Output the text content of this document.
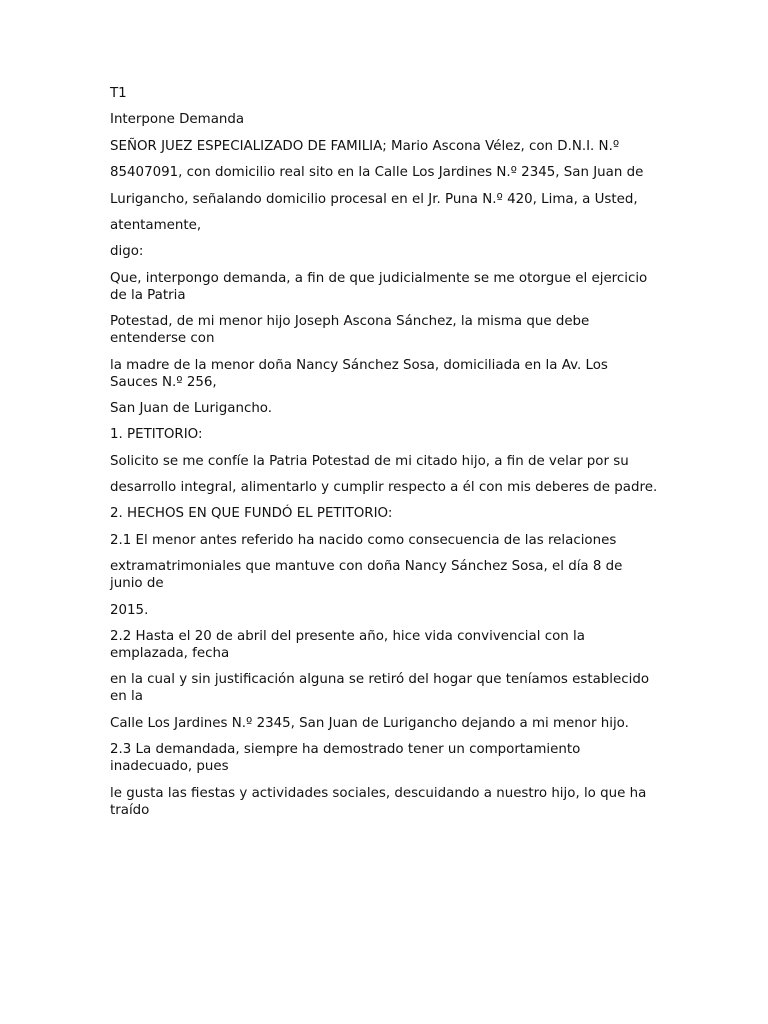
T1

Interpone Demanda

SEÑOR JUEZ ESPECIALIZADO DE FAMILIA; Mario Ascona Vélez, con D.N.I. N.º

85407091, con domicilio real sito en la Calle Los Jardines N.º 2345, San Juan de

Lurigancho, señalando domicilio procesal en el Jr. Puna N.º 420, Lima, a Usted,

atentamente,

digo:

Que, interpongo demanda, a fin de que judicialmente se me otorgue el ejercicio de la Patria

Potestad, de mi menor hijo Joseph Ascona Sánchez, la misma que debe entenderse con

la madre de la menor doña Nancy Sánchez Sosa, domiciliada en la Av. Los Sauces N.º 256,

San Juan de Lurigancho.

1. PETITORIO:

Solicito se me confíe la Patria Potestad de mi citado hijo, a fin de velar por su

desarrollo integral, alimentarlo y cumplir respecto a él con mis deberes de padre.

2. HECHOS EN QUE FUNDÓ EL PETITORIO:

2.1 El menor antes referido ha nacido como consecuencia de las relaciones

extramatrimoniales que mantuve con doña Nancy Sánchez Sosa, el día 8 de junio de

2015.

2.2 Hasta el 20 de abril del presente año, hice vida convivencial con la emplazada, fecha

en la cual y sin justificación alguna se retiró del hogar que teníamos establecido en la

Calle Los Jardines N.º 2345, San Juan de Lurigancho dejando a mi menor hijo.

2.3 La demandada, siempre ha demostrado tener un comportamiento inadecuado, pues

le gusta las fiestas y actividades sociales, descuidando a nuestro hijo, lo que ha traído
